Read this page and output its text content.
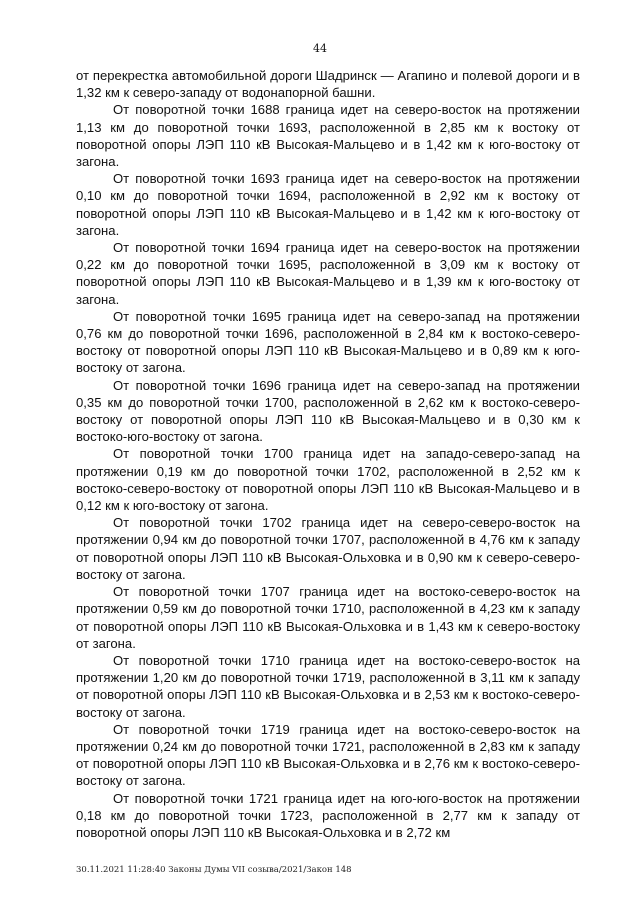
44

от перекрестка автомобильной дороги Шадринск — Агапино и полевой дороги и в 1,32 км к северо-западу от водонапорной башни.

От поворотной точки 1688 граница идет на северо-восток на протяжении 1,13 км до поворотной точки 1693, расположенной в 2,85 км к востоку от поворотной опоры ЛЭП 110 кВ Высокая-Мальцево и в 1,42 км к юго-востоку от загона.

От поворотной точки 1693 граница идет на северо-восток на протяжении 0,10 км до поворотной точки 1694, расположенной в 2,92 км к востоку от поворотной опоры ЛЭП 110 кВ Высокая-Мальцево и в 1,42 км к юго-востоку от загона.

От поворотной точки 1694 граница идет на северо-восток на протяжении 0,22 км до поворотной точки 1695, расположенной в 3,09 км к востоку от поворотной опоры ЛЭП 110 кВ Высокая-Мальцево и в 1,39 км к юго-востоку от загона.

От поворотной точки 1695 граница идет на северо-запад на протяжении 0,76 км до поворотной точки 1696, расположенной в 2,84 км к востоко-северо-востоку от поворотной опоры ЛЭП 110 кВ Высокая-Мальцево и в 0,89 км к юго-востоку от загона.

От поворотной точки 1696 граница идет на северо-запад на протяжении 0,35 км до поворотной точки 1700, расположенной в 2,62 км к востоко-северо-востоку от поворотной опоры ЛЭП 110 кВ Высокая-Мальцево и в 0,30 км к востоко-юго-востоку от загона.

От поворотной точки 1700 граница идет на западо-северо-запад на протяжении 0,19 км до поворотной точки 1702, расположенной в 2,52 км к востоко-северо-востоку от поворотной опоры ЛЭП 110 кВ Высокая-Мальцево и в 0,12 км к юго-востоку от загона.

От поворотной точки 1702 граница идет на северо-северо-восток на протяжении 0,94 км до поворотной точки 1707, расположенной в 4,76 км к западу от поворотной опоры ЛЭП 110 кВ Высокая-Ольховка и в 0,90 км к северо-северо-востоку от загона.

От поворотной точки 1707 граница идет на востоко-северо-восток на протяжении 0,59 км до поворотной точки 1710, расположенной в 4,23 км к западу от поворотной опоры ЛЭП 110 кВ Высокая-Ольховка и в 1,43 км к северо-востоку от загона.

От поворотной точки 1710 граница идет на востоко-северо-восток на протяжении 1,20 км до поворотной точки 1719, расположенной в 3,11 км к западу от поворотной опоры ЛЭП 110 кВ Высокая-Ольховка и в 2,53 км к востоко-северо-востоку от загона.

От поворотной точки 1719 граница идет на востоко-северо-восток на протяжении 0,24 км до поворотной точки 1721, расположенной в 2,83 км к западу от поворотной опоры ЛЭП 110 кВ Высокая-Ольховка и в 2,76 км к востоко-северо-востоку от загона.

От поворотной точки 1721 граница идет на юго-юго-восток на протяжении 0,18 км до поворотной точки 1723, расположенной в 2,77 км к западу от поворотной опоры ЛЭП 110 кВ Высокая-Ольховка и в 2,72 км

30.11.2021 11:28:40 Законы Думы VII созыва/2021/Закон 148
